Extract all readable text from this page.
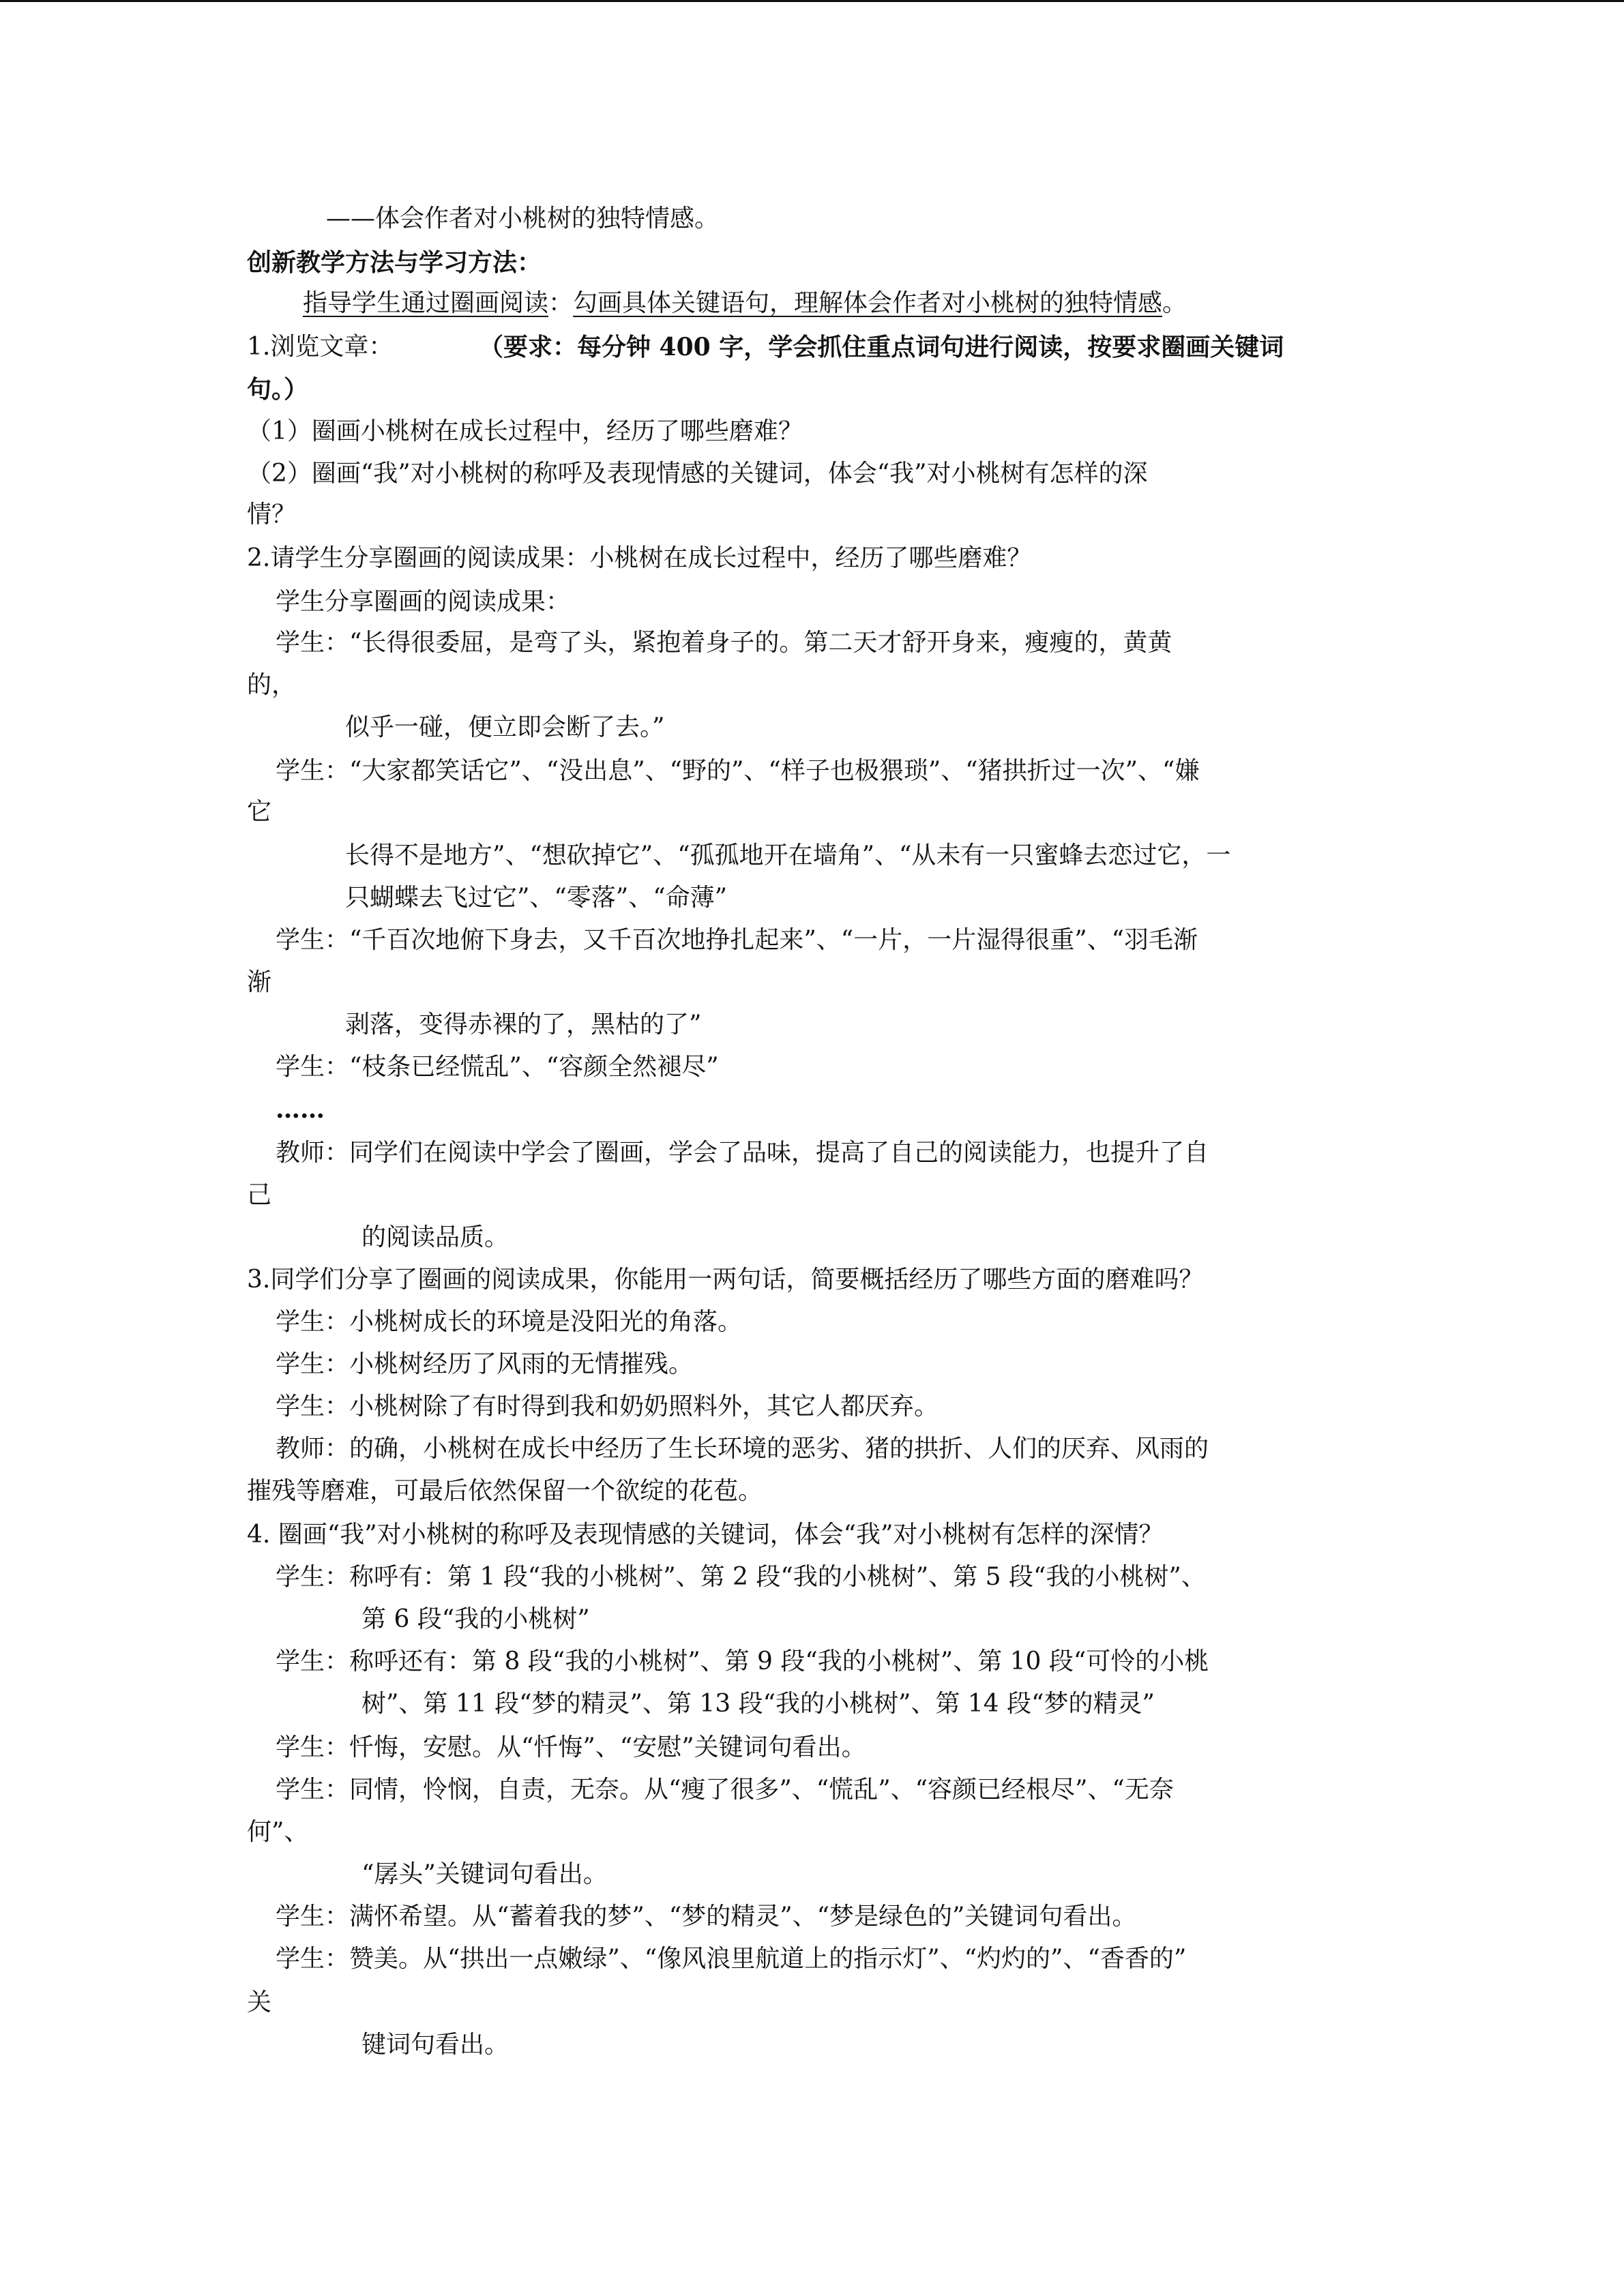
——体会作者对小桃树的独特情感。
创新教学方法与学习方法：
指导学生通过圈画阅读：勾画具体关键语句，理解体会作者对小桃树的独特情感。
1.浏览文章：	（要求：每分钟 400 字，学会抓住重点词句进行阅读，按要求圈画关键词
句。）
（1）圈画小桃树在成长过程中，经历了哪些磨难？
（2）圈画“我”对小桃树的称呼及表现情感的关键词，体会“我”对小桃树有怎样的深
情？
2.请学生分享圈画的阅读成果：小桃树在成长过程中，经历了哪些磨难？
学生分享圈画的阅读成果：
学生：“长得很委屈，是弯了头，紧抱着身子的。第二天才舒开身来，瘦瘦的，黄黄
的，
似乎一碰，便立即会断了去。”
学生：“大家都笑话它”、“没出息”、“野的”、“样子也极猥琐”、“猪拱折过一次”、“嫌
它
长得不是地方”、“想砍掉它”、“孤孤地开在墙角”、“从未有一只蜜蜂去恋过它，一
只蝴蝶去飞过它”、“零落”、“命薄”
学生：“千百次地俯下身去，又千百次地挣扎起来”、“一片，一片湿得很重”、“羽毛渐
渐
剥落，变得赤裸的了，黑枯的了”
学生：“枝条已经慌乱”、“容颜全然褪尽”
……
教师：同学们在阅读中学会了圈画，学会了品味，提高了自己的阅读能力，也提升了自
己
的阅读品质。
3.同学们分享了圈画的阅读成果，你能用一两句话，简要概括经历了哪些方面的磨难吗？
学生：小桃树成长的环境是没阳光的角落。
学生：小桃树经历了风雨的无情摧残。
学生：小桃树除了有时得到我和奶奶照料外，其它人都厌弃。
教师：的确，小桃树在成长中经历了生长环境的恶劣、猪的拱折、人们的厌弃、风雨的
摧残等磨难，可最后依然保留一个欲绽的花苞。
4. 圈画“我”对小桃树的称呼及表现情感的关键词，体会“我”对小桃树有怎样的深情？
学生：称呼有：第 1 段“我的小桃树”、第 2 段“我的小桃树”、第 5 段“我的小桃树”、
第 6 段“我的小桃树”
学生：称呼还有：第 8 段“我的小桃树”、第 9 段“我的小桃树”、第 10 段“可怜的小桃
树”、第 11 段“梦的精灵”、第 13 段“我的小桃树”、第 14 段“梦的精灵”
学生：忏悔，安慰。从“忏悔”、“安慰”关键词句看出。
学生：同情，怜悯，自责，无奈。从“瘦了很多”、“慌乱”、“容颜已经根尽”、“无奈
何”、
“孱头”关键词句看出。
学生：满怀希望。从“蓄着我的梦”、“梦的精灵”、“梦是绿色的”关键词句看出。
学生：赞美。从“拱出一点嫩绿”、“像风浪里航道上的指示灯”、“灼灼的”、“香香的”
关
键词句看出。
